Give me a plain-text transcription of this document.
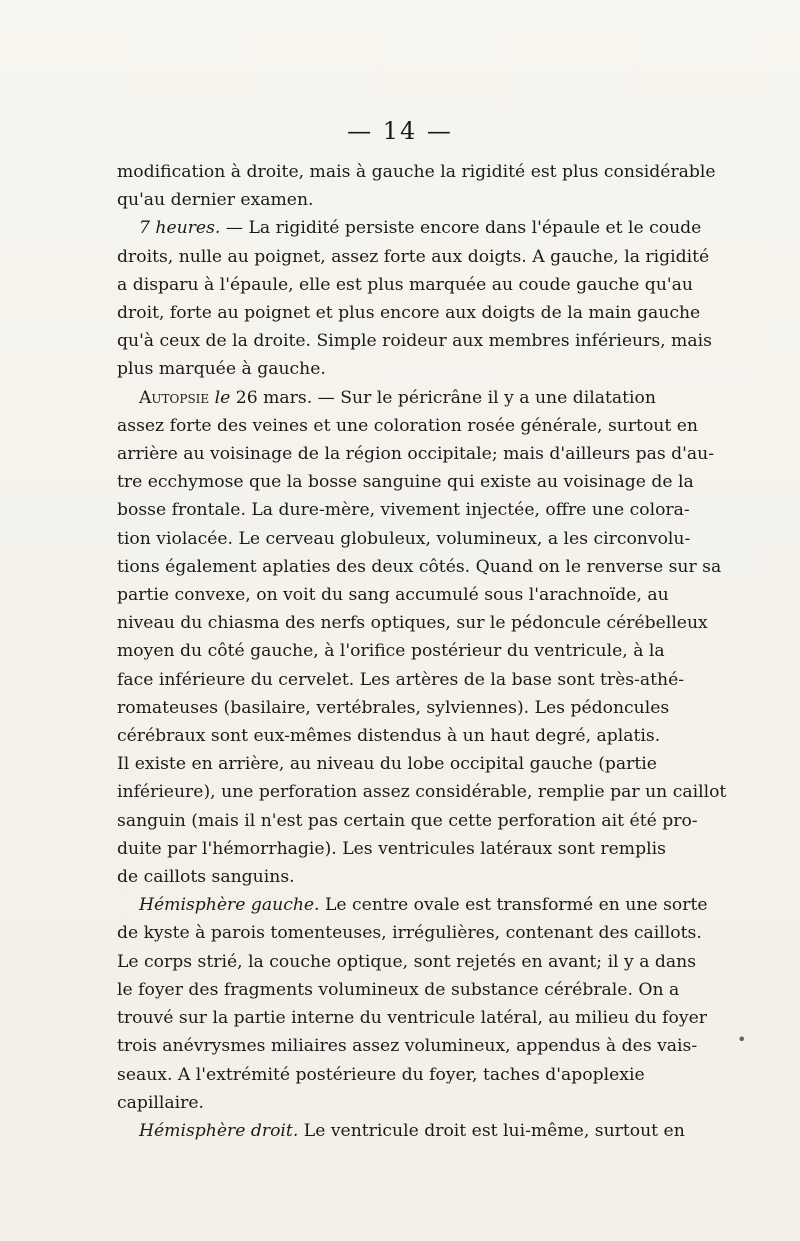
— 14 —
modification à droite, mais à gauche la rigidité est plus considérable
qu'au dernier examen.
7 heures. — La rigidité persiste encore dans l'épaule et le coude
droits, nulle au poignet, assez forte aux doigts. A gauche, la rigidité
a disparu à l'épaule, elle est plus marquée au coude gauche qu'au
droit, forte au poignet et plus encore aux doigts de la main gauche
qu'à ceux de la droite. Simple roideur aux membres inférieurs, mais
plus marquée à gauche.
Autopsie le 26 mars. — Sur le péricrâne il y a une dilatation
assez forte des veines et une coloration rosée générale, surtout en
arrière au voisinage de la région occipitale; mais d'ailleurs pas d'au-
tre ecchymose que la bosse sanguine qui existe au voisinage de la
bosse frontale. La dure-mère, vivement injectée, offre une colora-
tion violacée. Le cerveau globuleux, volumineux, a les circonvolu-
tions également aplaties des deux côtés. Quand on le renverse sur sa
partie convexe, on voit du sang accumulé sous l'arachnoïde, au
niveau du chiasma des nerfs optiques, sur le pédoncule cérébelleux
moyen du côté gauche, à l'orifice postérieur du ventricule, à la
face inférieure du cervelet. Les artères de la base sont très-athé-
romateuses (basilaire, vertébrales, sylviennes). Les pédoncules
cérébraux sont eux-mêmes distendus à un haut degré, aplatis.
Il existe en arrière, au niveau du lobe occipital gauche (partie
inférieure), une perforation assez considérable, remplie par un caillot
sanguin (mais il n'est pas certain que cette perforation ait été pro-
duite par l'hémorrhagie). Les ventricules latéraux sont remplis
de caillots sanguins.
Hémisphère gauche. Le centre ovale est transformé en une sorte
de kyste à parois tomenteuses, irrégulières, contenant des caillots.
Le corps strié, la couche optique, sont rejetés en avant; il y a dans
le foyer des fragments volumineux de substance cérébrale. On a
trouvé sur la partie interne du ventricule latéral, au milieu du foyer
trois anévrysmes miliaires assez volumineux, appendus à des vais-
seaux. A l'extrémité postérieure du foyer, taches d'apoplexie
capillaire.
Hémisphère droit. Le ventricule droit est lui-même, surtout en
•
